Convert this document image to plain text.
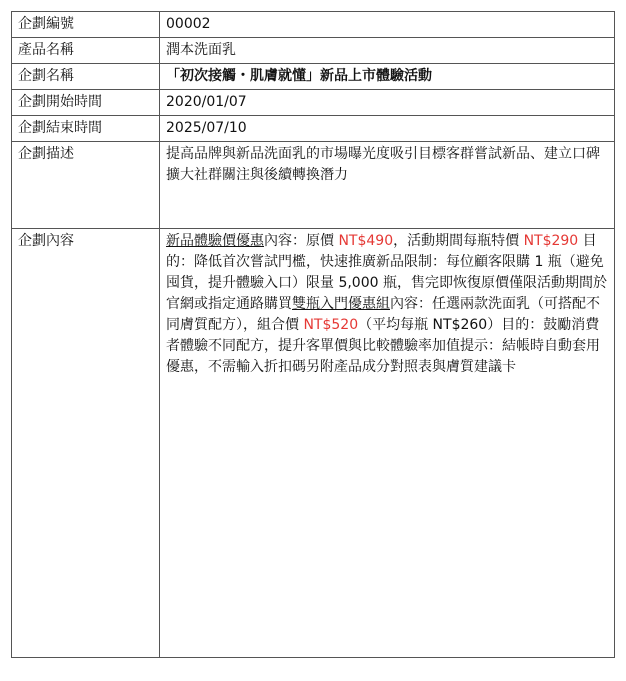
企劃編號	00002
產品名稱	潤本洗面乳
企劃名稱	「初次接觸・肌膚就懂」新品上市體驗活動
企劃開始時間	2020/01/07
企劃結束時間	2025/07/10
企劃描述	提高品牌與新品洗面乳的市場曝光度吸引目標客群嘗試新品、建立口碑擴大社群關注與後續轉換潛力
企劃內容	新品體驗價優惠內容：原價 NT$490，活動期間每瓶特價 NT$290 目的：降低首次嘗試門檻，快速推廣新品限制：每位顧客限購 1 瓶（避免囤貨，提升體驗入口）限量 5,000 瓶，售完即恢復原價僅限活動期間於官網或指定通路購買雙瓶入門優惠組內容：任選兩款洗面乳（可搭配不同膚質配方），組合價 NT$520（平均每瓶 NT$260）目的：鼓勵消費者體驗不同配方，提升客單價與比較體驗率加值提示：結帳時自動套用優惠，不需輸入折扣碼另附產品成分對照表與膚質建議卡
